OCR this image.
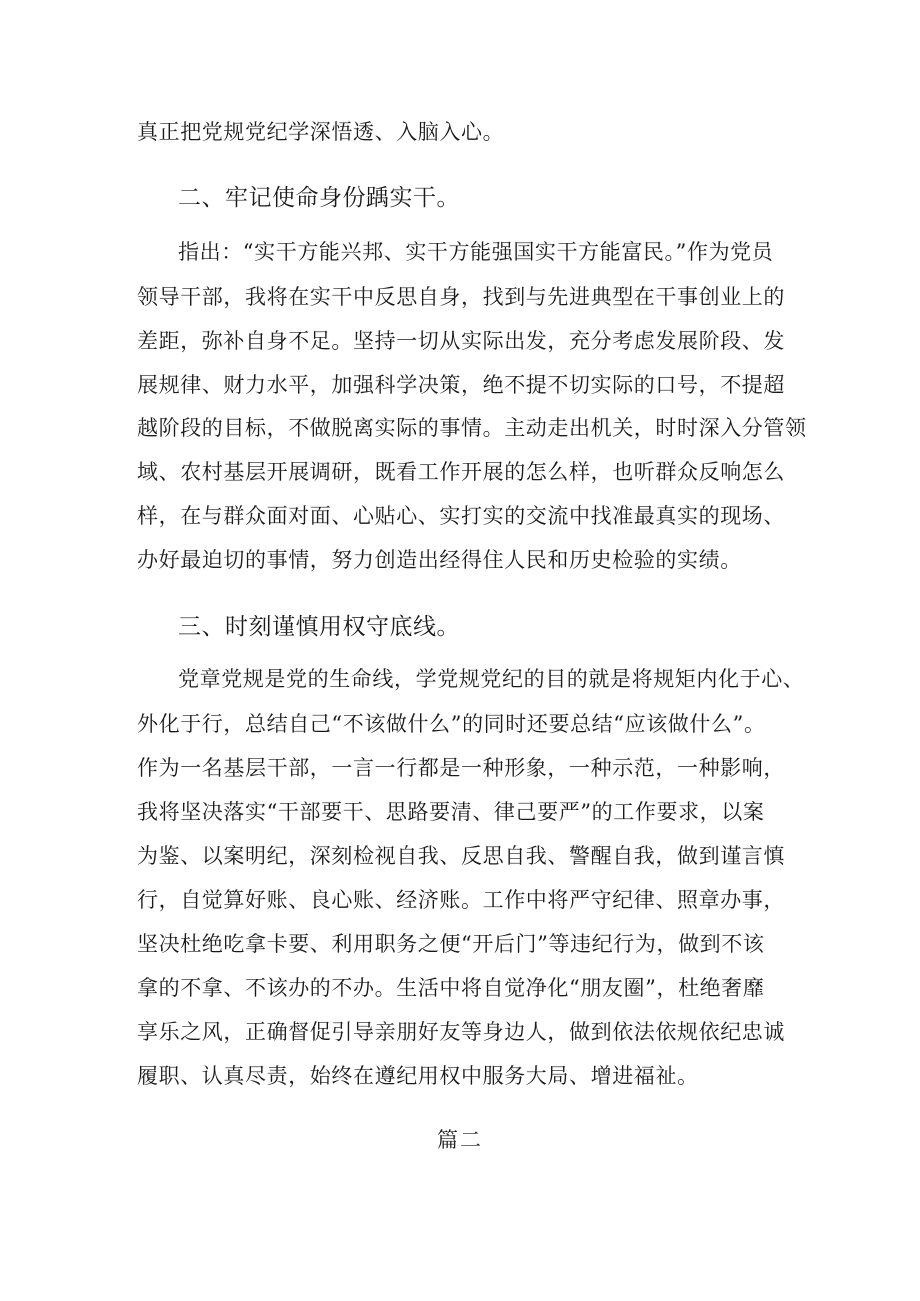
真正把党规党纪学深悟透、入脑入心。
二、牢记使命身份踽实干。
指出：“实干方能兴邦、实干方能强国实干方能富民。”作为党员
领导干部，我将在实干中反思自身，找到与先进典型在干事创业上的
差距，弥补自身不足。坚持一切从实际出发，充分考虑发展阶段、发
展规律、财力水平，加强科学决策，绝不提不切实际的口号，不提超
越阶段的目标，不做脱离实际的事情。主动走出机关，时时深入分管领
域、农村基层开展调研，既看工作开展的怎么样，也听群众反响怎么
样，在与群众面对面、心贴心、实打实的交流中找准最真实的现场、
办好最迫切的事情，努力创造出经得住人民和历史检验的实绩。
三、时刻谨慎用权守底线。
党章党规是党的生命线，学党规党纪的目的就是将规矩内化于心、
外化于行，总结自己“不该做什么”的同时还要总结“应该做什么”。
作为一名基层干部，一言一行都是一种形象，一种示范，一种影响，
我将坚决落实“干部要干、思路要清、律己要严”的工作要求，以案
为鉴、以案明纪，深刻检视自我、反思自我、警醒自我，做到谨言慎
行，自觉算好账、良心账、经济账。工作中将严守纪律、照章办事，
坚决杜绝吃拿卡要、利用职务之便“开后门”等违纪行为，做到不该
拿的不拿、不该办的不办。生活中将自觉净化“朋友圈”，杜绝奢靡
享乐之风，正确督促引导亲朋好友等身边人，做到依法依规依纪忠诚
履职、认真尽责，始终在遵纪用权中服务大局、增进福祉。
篇二
